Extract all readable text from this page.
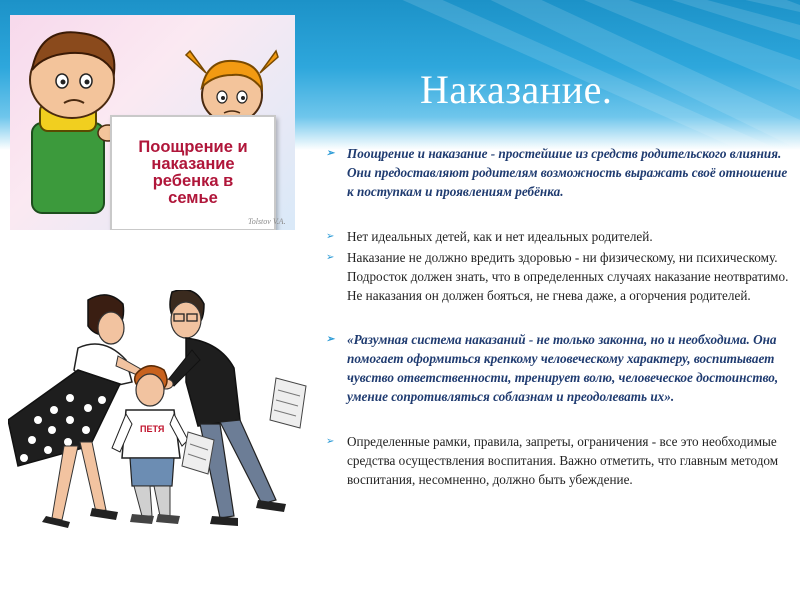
Наказание.
Поощрение и
наказание
ребенка в
семье
Tolstov V.A.
ПЕТЯ
➢ Поощрение и наказание - простейшие из средств родительского влияния. Они предоставляют родителям возможность выражать своё отношение к поступкам и проявлениям ребёнка.
➢ Нет идеальных детей, как и нет идеальных родителей.
➢ Наказание не должно вредить здоровью - ни физическому, ни психическому. Подросток должен знать, что в определенных случаях наказание неотвратимо. Не наказания он должен бояться, не гнева даже, а огорчения родителей.
➢ «Разумная система наказаний - не только законна, но и необходима. Она помогает оформиться крепкому человеческому характеру, воспитывает чувство ответственности, тренирует волю, человеческое достоинство, умение сопротивляться соблазнам и преодолевать их».
➢ Определенные рамки, правила, запреты, ограничения - все это необходимые средства осуществления воспитания. Важно отметить, что главным методом воспитания, несомненно, должно быть убеждение.
